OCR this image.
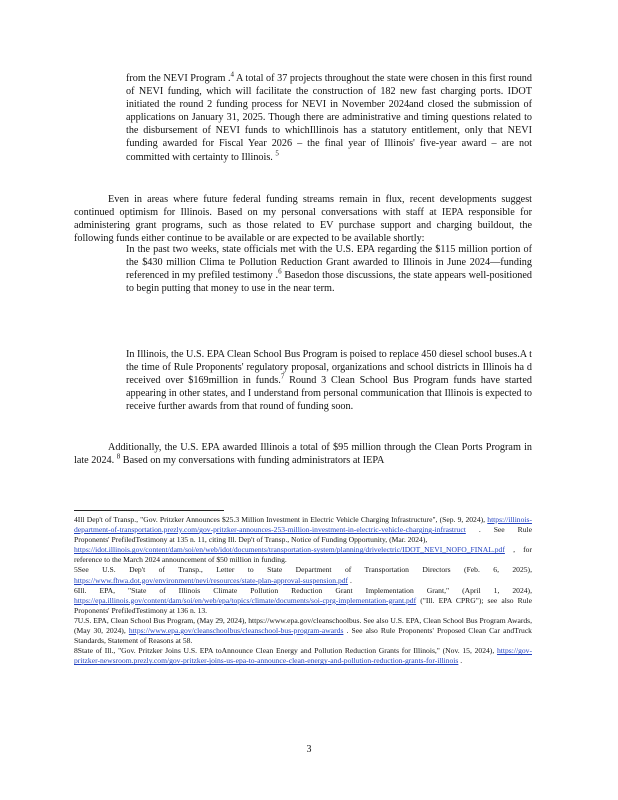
from the NEVI Program .$^4$ A total of 37 projects throughout the state were chosen in this first round of NEVI funding, which will facilitate the construction of 182 new fast charging ports. IDOT initiated the round 2 funding process for NEVI in November 2024and closed the submission of applications on January 31, 2025. Though there are administrative and timing questions related to the disbursement of NEVI funds to whichIllinois has a statutory entitlement, only that NEVI funding awarded for Fiscal Year 2026 – the final year of Illinois' five-year award – are not committed with certainty to Illinois. $^5$

Even in areas where future federal funding streams remain in flux, recent developments suggest continued optimism for Illinois. Based on my personal conversations with staff at IEPA responsible for administering grant programs, such as those related to EV purchase support and charging buildout, the following funds either continue to be available or are expected to be available shortly:

In the past two weeks, state officials met with the U.S. EPA regarding the $115 million portion of the $430 million Clima te Pollution Reduction Grant awarded to Illinois in June 2024—funding referenced in my prefiled testimony .$^6$ Basedon those discussions, the state appears well-positioned to begin putting that money to use in the near term.

In Illinois, the U.S. EPA Clean School Bus Program is poised to replace 450 diesel school buses.A t the time of Rule Proponents' regulatory proposal, organizations and school districts in Illinois ha d received over $169million in funds.$^7$ Round 3 Clean School Bus Program funds have started appearing in other states, and I understand from personal communication that Illinois is expected to receive further awards from that round of funding soon.

Additionally, the U.S. EPA awarded Illinois a total of $95 million through the Clean Ports Program in late 2024. $^8$ Based on my conversations with funding administrators at IEPA

4Ill Dep't of Transp., "Gov. Pritzker Announces $25.3 Million Investment in Electric Vehicle Charging Infrastructure", (Sep. 9, 2024), https://illinois-department-of-transportation.prezly.com/gov-pritzker-announces-253-million-investment-in-electric-vehicle-charging-infrastruct . See Rule Proponents' PrefiledTestimony at 135 n. 11, citing Ill. Dep't of Transp., Notice of Funding Opportunity, (Mar. 2024),
https://idot.illinois.gov/content/dam/soi/en/web/idot/documents/transportation-system/planning/drivelectric/IDOT_NEVI_NOFO_FINAL.pdf , for reference to the March 2024 announcement of $50 million in funding.
5See U.S. Dep't of Transp., Letter to State Department of Transportation Directors (Feb. 6, 2025), https://www.fhwa.dot.gov/environment/nevi/resources/state-plan-approval-suspension.pdf .
6Ill. EPA, "State of Illinois Climate Pollution Reduction Grant Implementation Grant," (April 1, 2024), https://epa.illinois.gov/content/dam/soi/en/web/epa/topics/climate/documents/soi-cprg-implementation-grant.pdf ("Ill. EPA CPRG"); see also Rule Proponents' PrefiledTestimony at 136 n. 13.
7U.S. EPA, Clean School Bus Program, (May 29, 2024), https://www.epa.gov/cleanschoolbus. See also U.S. EPA, Clean School Bus Program Awards, (May 30, 2024), https://www.epa.gov/cleanschoolbus/cleanschool-bus-program-awards . See also Rule Proponents' Proposed Clean Car andTruck Standards, Statement of Reasons at 58.
8State of Ill., "Gov. Pritzker Joins U.S. EPA toAnnounce Clean Energy and Pollution Reduction Grants for Illinois," (Nov. 15, 2024), https://gov-pritzker-newsroom.prezly.com/gov-pritzker-joins-us-epa-to-announce-clean-energy-and-pollution-reduction-grants-for-illinois .
3
